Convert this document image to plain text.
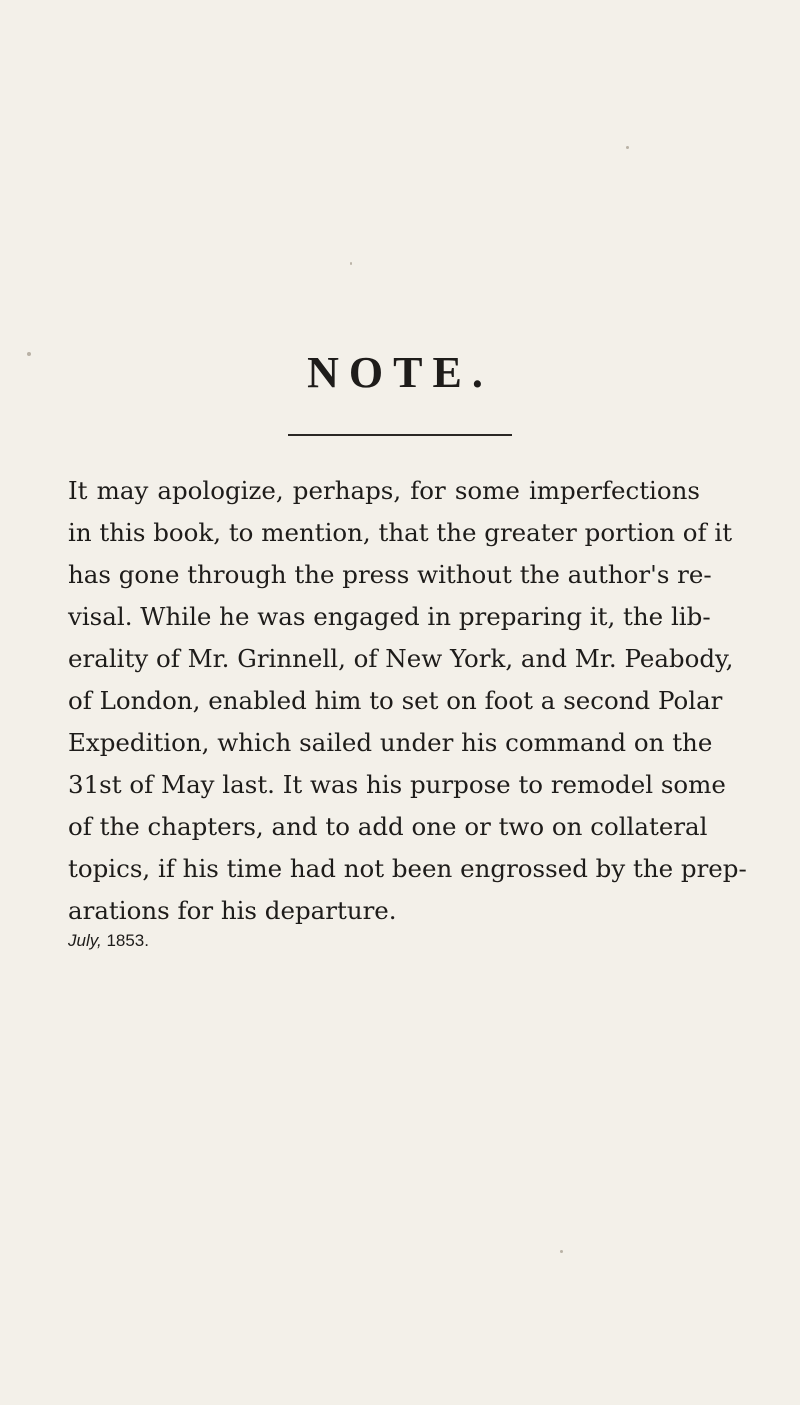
NOTE.
It may apologize, perhaps, for some imperfections
in this book, to mention, that the greater portion of it
has gone through the press without the author's re-
visal. While he was engaged in preparing it, the lib-
erality of Mr. Grinnell, of New York, and Mr. Peabody,
of London, enabled him to set on foot a second Polar
Expedition, which sailed under his command on the
31st of May last. It was his purpose to remodel some
of the chapters, and to add one or two on collateral
topics, if his time had not been engrossed by the prep-
arations for his departure.
July, 1853.
